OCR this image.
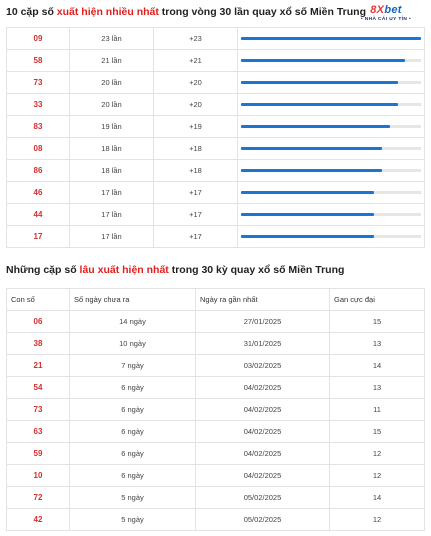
10 cặp số xuất hiện nhiều nhất trong vòng 30 lần quay xổ số Miền Trung 8Xbet
• NHÀ CÁI UY TÍN •
09	23 lần	+23	

58	21 lần	+21	

73	20 lần	+20	

33	20 lần	+20	

83	19 lần	+19	

08	18 lần	+18	

86	18 lần	+18	

46	17 lần	+17	

44	17 lần	+17	

17	17 lần	+17	
Những cặp số lâu xuất hiện nhất trong 30 kỳ quay xổ số Miền Trung
Con số	Số ngày chưa ra	Ngày ra gần nhất	Gan cực đại
06	14 ngày	27/01/2025	15
38	10 ngày	31/01/2025	13
21	7 ngày	03/02/2025	14
54	6 ngày	04/02/2025	13
73	6 ngày	04/02/2025	11
63	6 ngày	04/02/2025	15
59	6 ngày	04/02/2025	12
10	6 ngày	04/02/2025	12
72	5 ngày	05/02/2025	14
42	5 ngày	05/02/2025	12
